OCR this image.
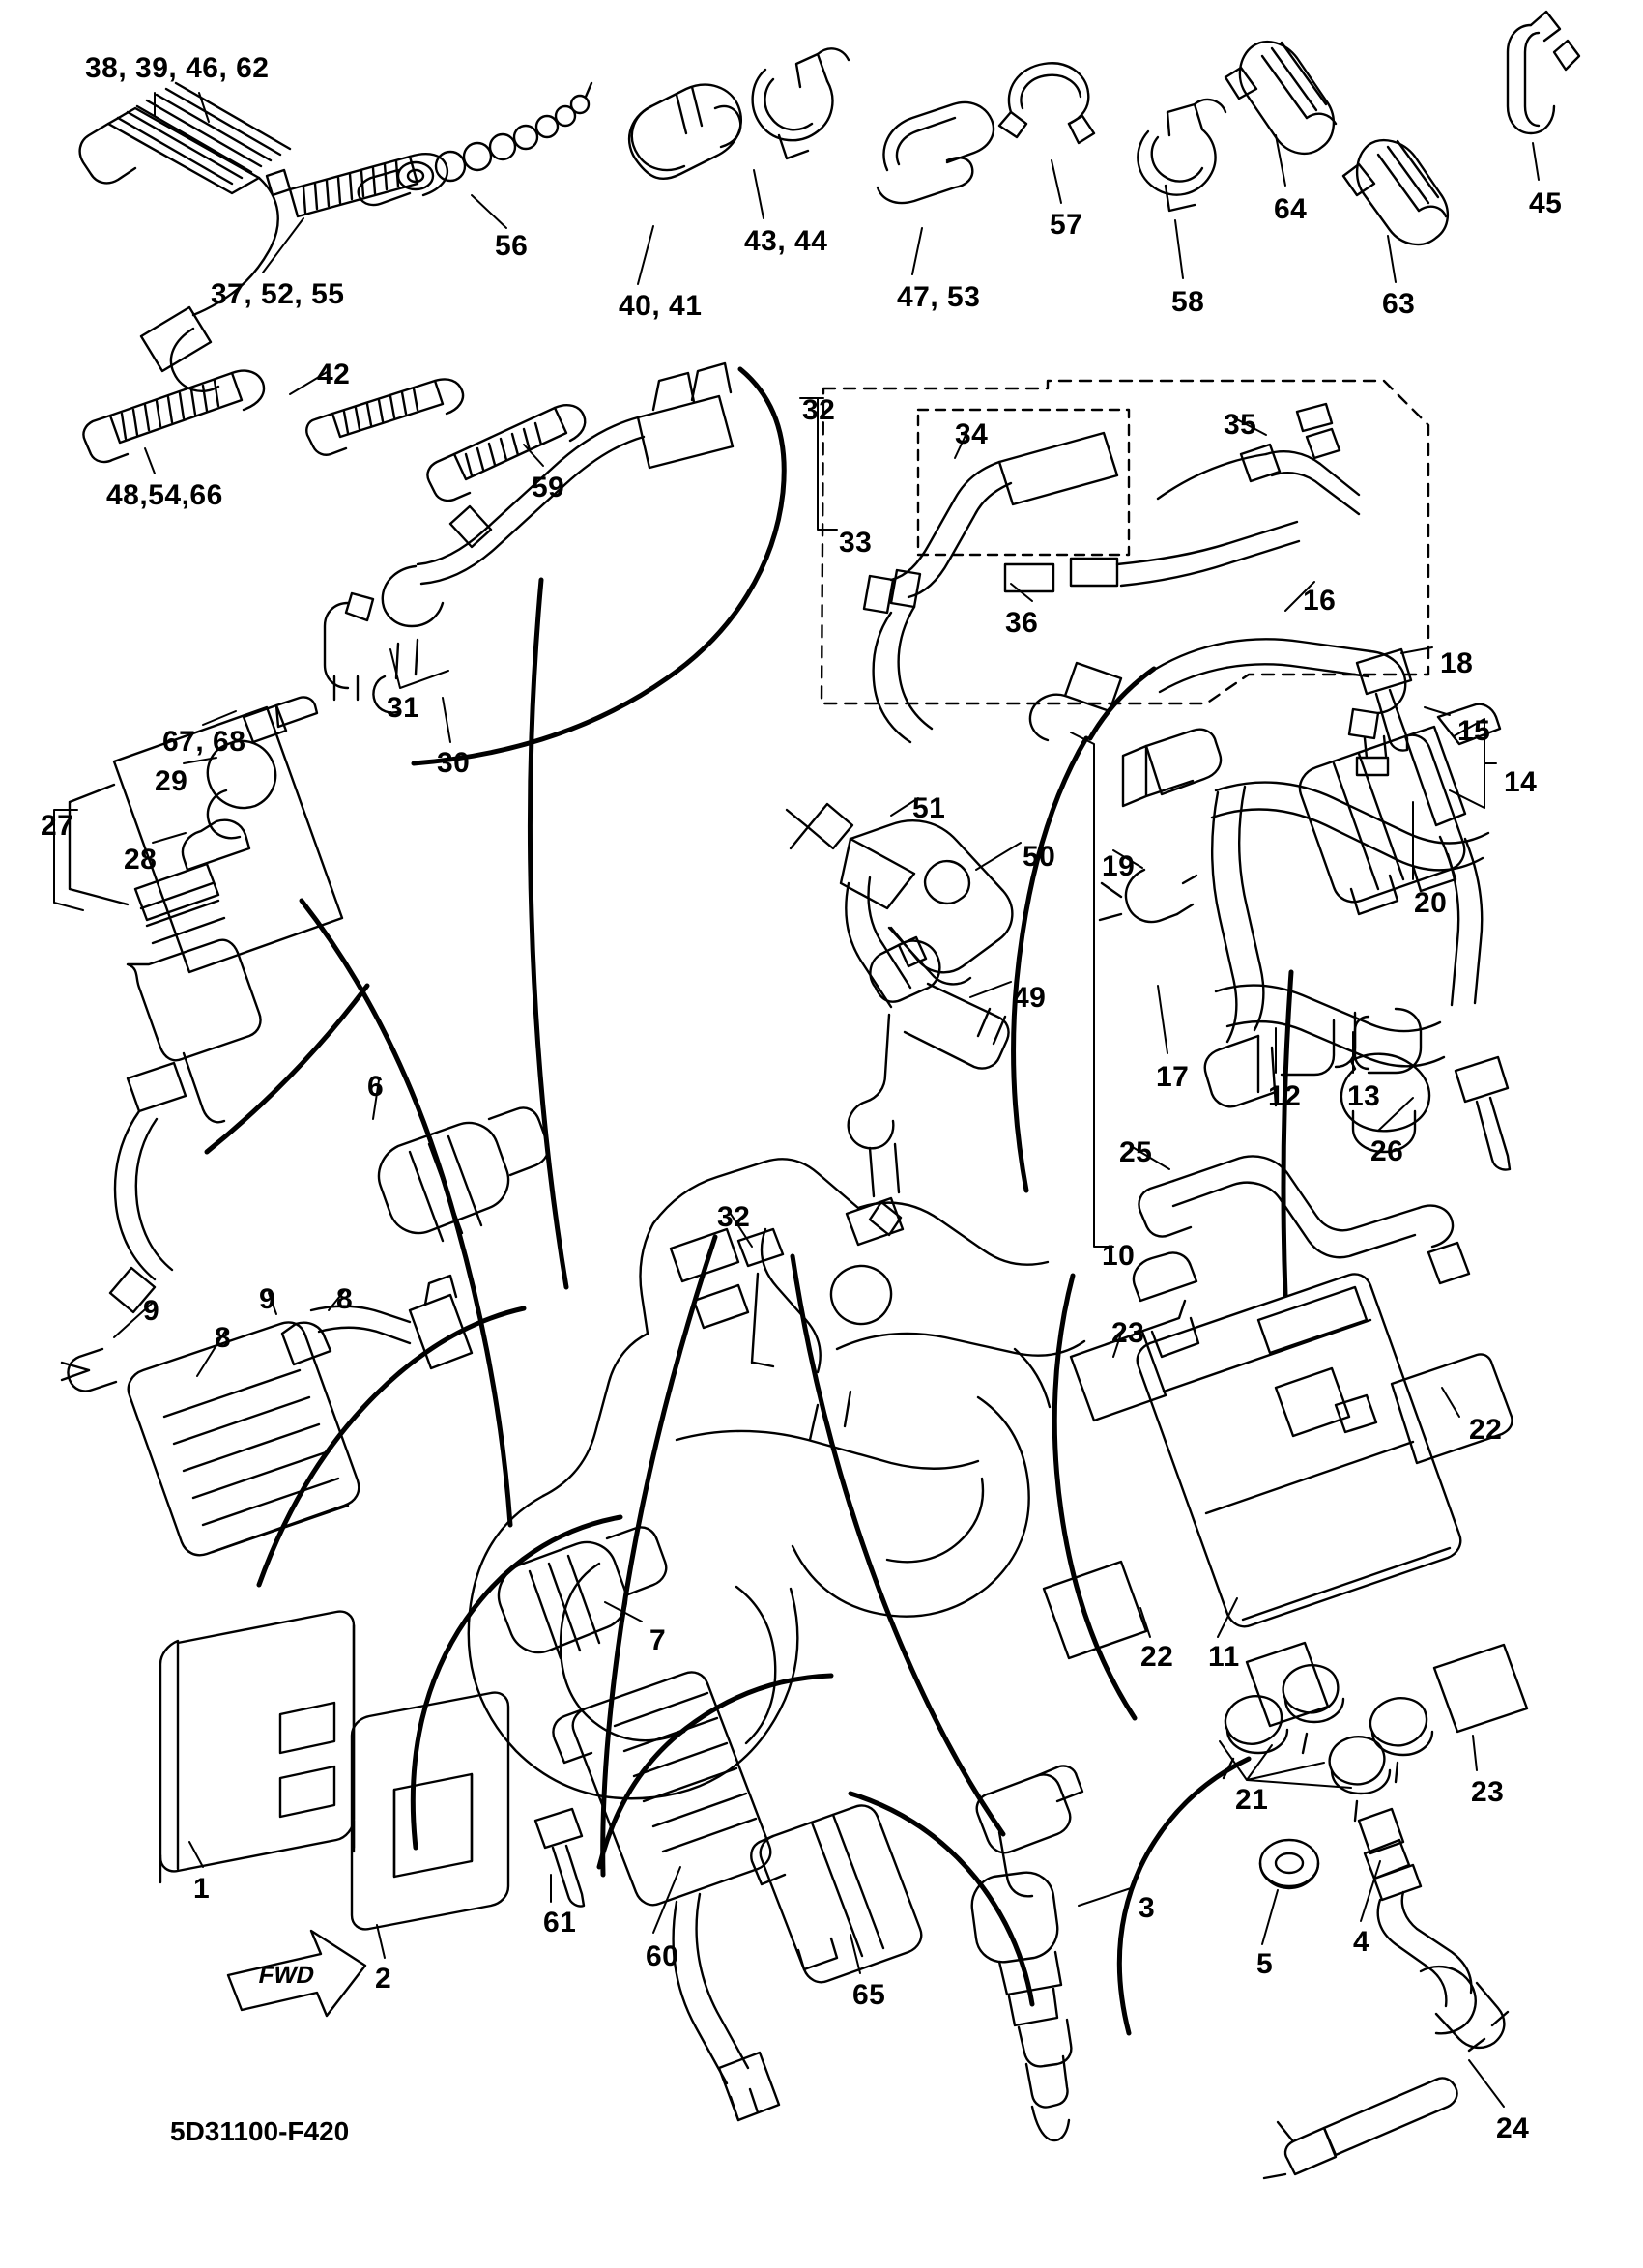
38, 39, 46, 62
37, 52, 55
56
40, 41
43, 44
47, 53
57
58
64
63
45
42
48,54,66	59
32
33
34	35
36
16
18
15
14
20
19
17
12 13
26
31
30
67, 68
29
28
27
51
50
49
6
32
9 8
9
8
25
10
23
22
22 11
21	23
7
1
2
61
60
65
3
5
4
24
FWD
5D31100-F420
